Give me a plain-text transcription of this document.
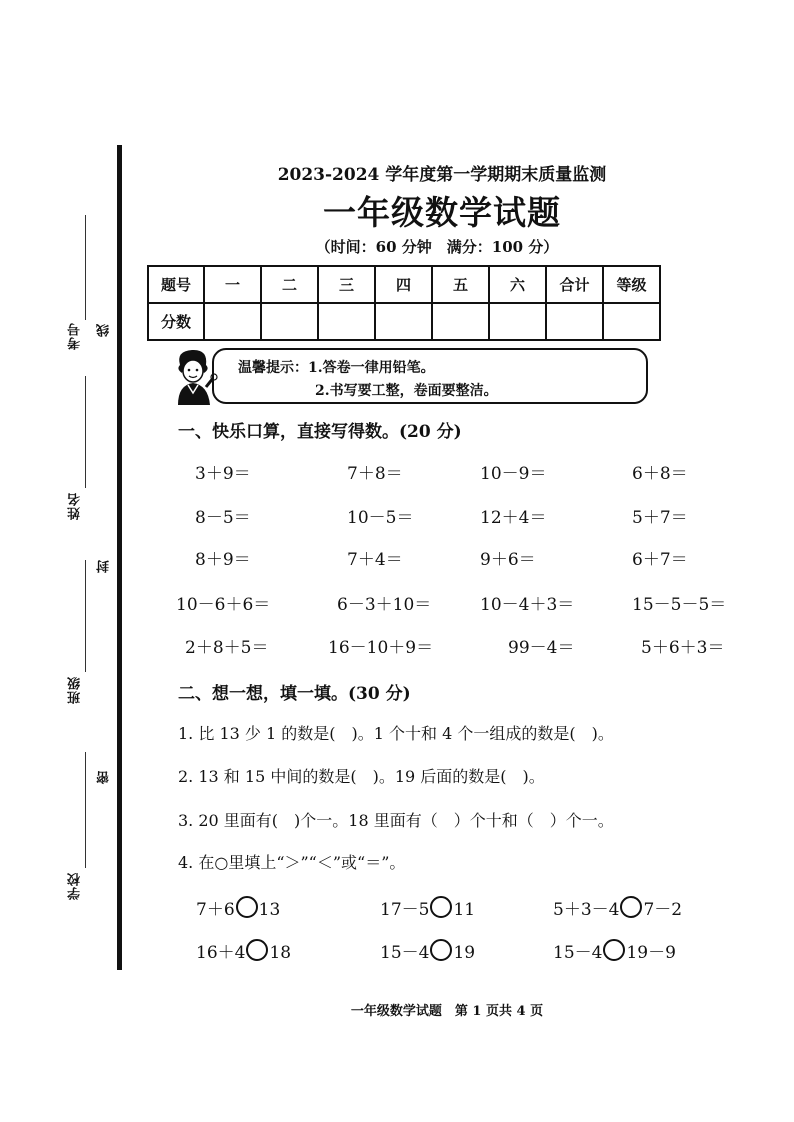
考号
姓名
班级
学校
线
封
密
2023-2024 学年度第一学期期末质量监测
一年级数学试题
（时间：60 分钟　满分：100 分）
题号	一	二	三	四	五	六	合计	等级
分数								
温馨提示：1.答卷一律用铅笔。
2.书写要工整，卷面要整洁。
一、快乐口算，直接写得数。(20 分)
3＋9＝	7＋8＝	10－9＝	6＋8＝
8－5＝	10－5＝	12＋4＝	5＋7＝
8＋9＝	7＋4＝	9＋6＝	6＋7＝
10－6＋6＝	6－3＋10＝	10－4＋3＝	15－5－5＝
2＋8＋5＝	16－10＋9＝	99－4＝	5＋6＋3＝
二、想一想，填一填。(30 分)
1. 比 13 少 1 的数是(　)。1 个十和 4 个一组成的数是(　)。
2. 13 和 15 中间的数是(　)。19 后面的数是(　)。
3. 20 里面有(　)个一。18 里面有（　）个十和（　）个一。
4. 在○里填上“＞”“＜”或“＝”。
7＋6 13	17－5 11	5＋3－4 7－2
16＋4 18	15－4 19	15－4 19－9
一年级数学试题　第 1 页共 4 页
